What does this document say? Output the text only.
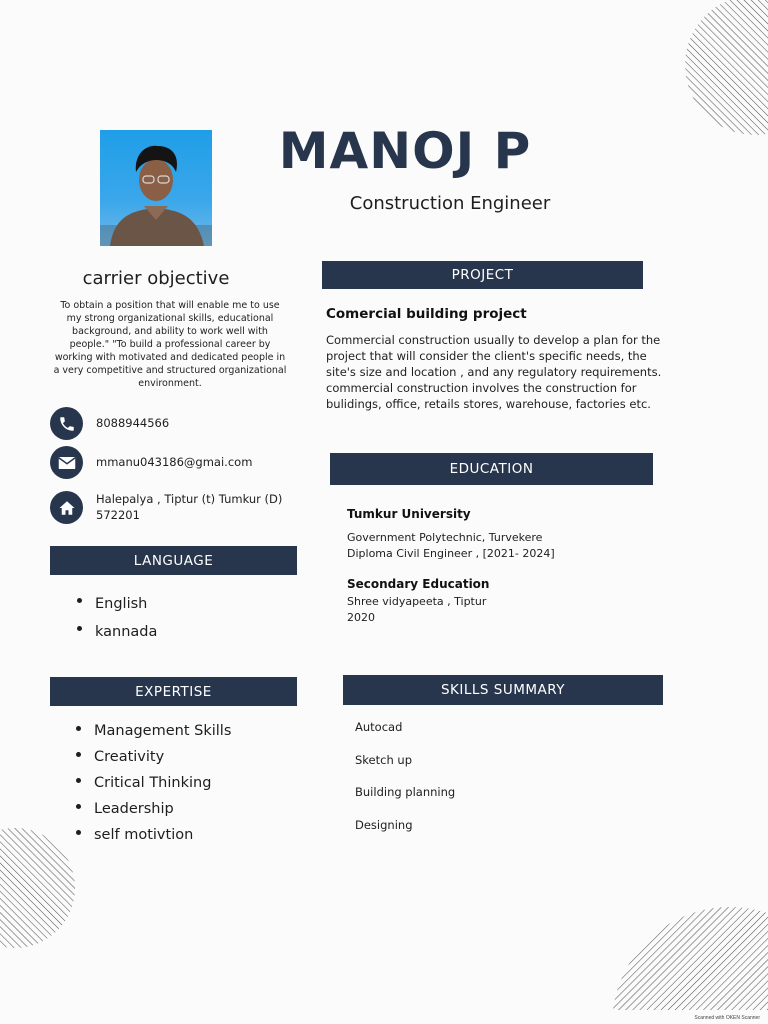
MANOJ P
Construction Engineer
carrier objective
To obtain a position that will enable me to use my strong organizational skills, educational background, and ability to work well with people." "To build a professional career by working with motivated and dedicated people in a very competitive and structured organizational environment.
8088944566
mmanu043186@gmai.com
Halepalya , Tiptur (t) Tumkur (D)
572201
LANGUAGE
English
kannada
EXPERTISE
Management Skills
Creativity
Critical Thinking
Leadership
self motivtion
PROJECT
Comercial building project
Commercial construction usually to develop a plan for the
project that will consider the client's specific needs, the
site's size and location , and any regulatory requirements.
commercial construction involves the construction for
bulidings, office, retails stores, warehouse, factories etc.
EDUCATION
Tumkur University
Government Polytechnic, Turvekere
Diploma Civil Engineer , [2021- 2024]
Secondary Education
Shree vidyapeeta , Tiptur
2020
SKILLS SUMMARY
Autocad
Sketch up
Building planning
Designing
Scanned with OKEN Scanner
